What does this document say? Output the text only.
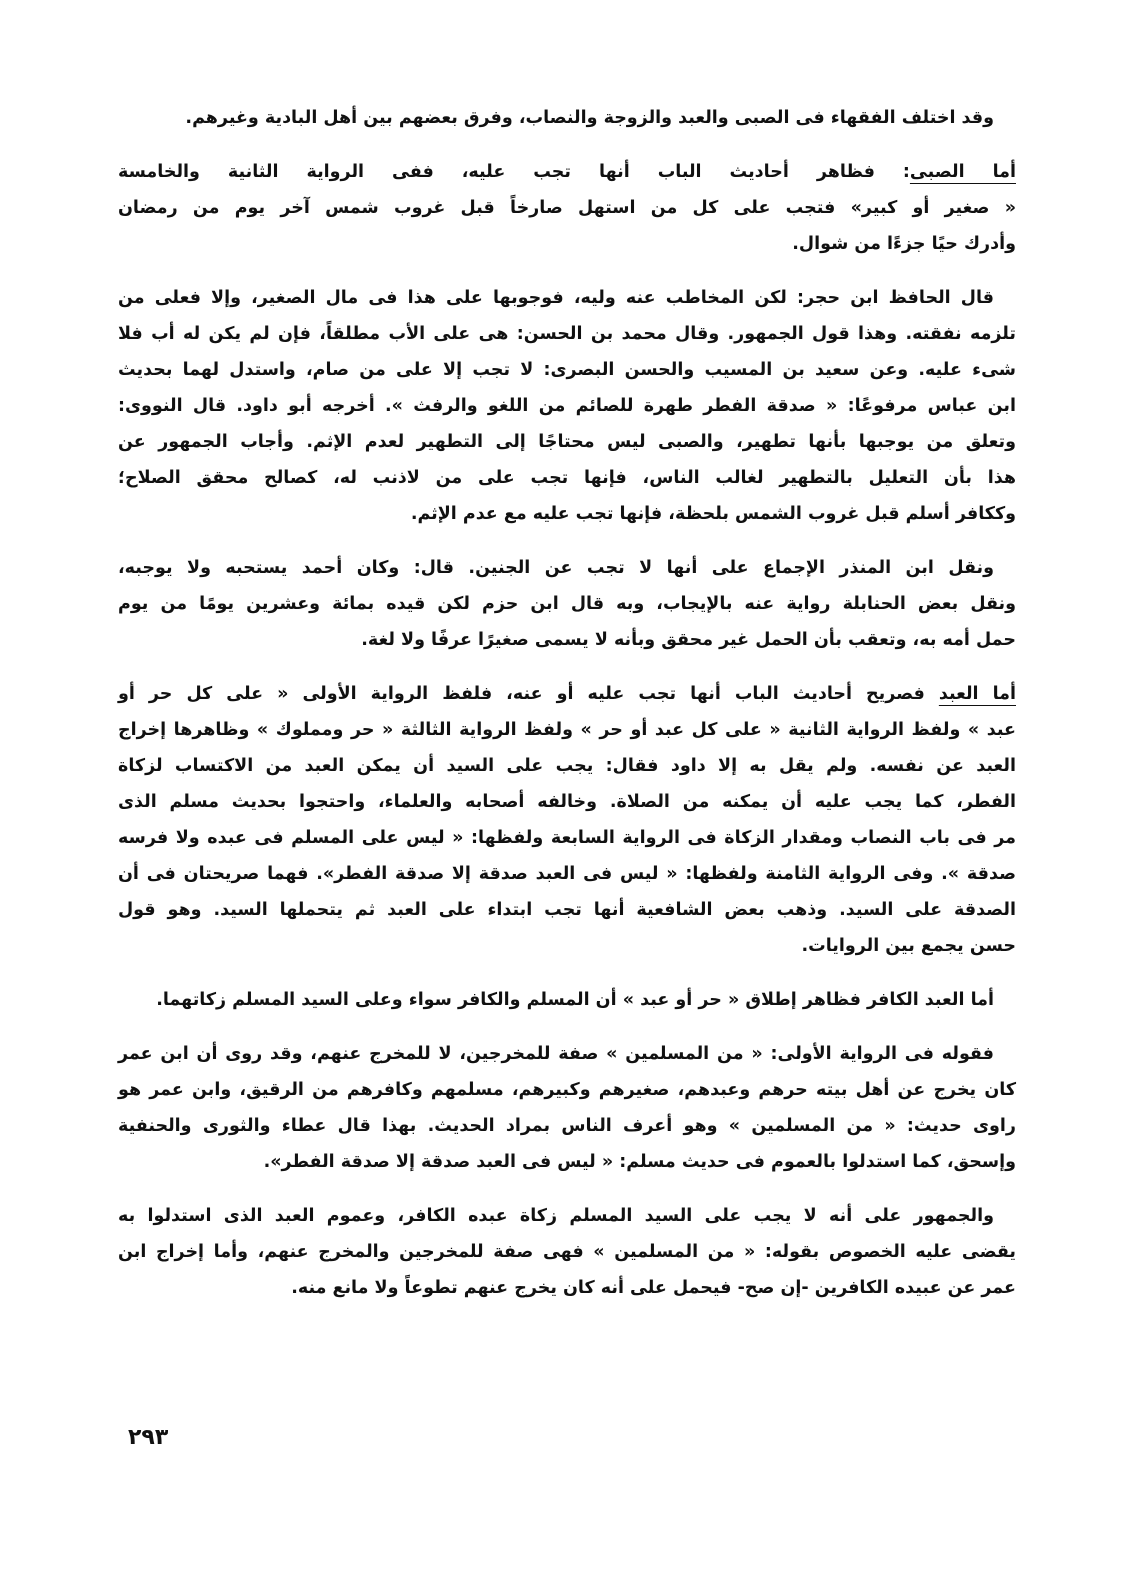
وقد اختلف الفقهاء فى الصبى والعبد والزوجة والنصاب، وفرق بعضهم بين أهل البادية وغيرهم.
أما الصبى: فظاهر أحاديث الباب أنها تجب عليه، ففى الرواية الثانية والخامسة
« صغير أو كبير» فتجب على كل من استهل صارخاً قبل غروب شمس آخر يوم من رمضان
وأدرك حيًا جزءًا من شوال.
قال الحافظ ابن حجر: لكن المخاطب عنه وليه، فوجوبها على هذا فى مال الصغير، وإلا فعلى من
تلزمه نفقته. وهذا قول الجمهور. وقال محمد بن الحسن: هى على الأب مطلقاً، فإن لم يكن له أب فلا
شىء عليه. وعن سعيد بن المسيب والحسن البصرى: لا تجب إلا على من صام، واستدل لهما بحديث
ابن عباس مرفوعًا: « صدقة الفطر طهرة للصائم من اللغو والرفث ». أخرجه أبو داود. قال النووى:
وتعلق من يوجبها بأنها تطهير، والصبى ليس محتاجًا إلى التطهير لعدم الإثم. وأجاب الجمهور عن
هذا بأن التعليل بالتطهير لغالب الناس، فإنها تجب على من لاذنب له، كصالح محقق الصلاح؛
وككافر أسلم قبل غروب الشمس بلحظة، فإنها تجب عليه مع عدم الإثم.
ونقل ابن المنذر الإجماع على أنها لا تجب عن الجنين. قال: وكان أحمد يستحبه ولا يوجبه،
ونقل بعض الحنابلة رواية عنه بالإيجاب، وبه قال ابن حزم لكن قيده بمائة وعشرين يومًا من يوم
حمل أمه به، وتعقب بأن الحمل غير محقق وبأنه لا يسمى صغيرًا عرفًا ولا لغة.
أما العبد فصريح أحاديث الباب أنها تجب عليه أو عنه، فلفظ الرواية الأولى « على كل حر أو
عبد » ولفظ الرواية الثانية « على كل عبد أو حر » ولفظ الرواية الثالثة « حر ومملوك » وظاهرها إخراج
العبد عن نفسه. ولم يقل به إلا داود فقال: يجب على السيد أن يمكن العبد من الاكتساب لزكاة
الفطر، كما يجب عليه أن يمكنه من الصلاة. وخالفه أصحابه والعلماء، واحتجوا بحديث مسلم الذى
مر فى باب النصاب ومقدار الزكاة فى الرواية السابعة ولفظها: « ليس على المسلم فى عبده ولا فرسه
صدقة ». وفى الرواية الثامنة ولفظها: « ليس فى العبد صدقة إلا صدقة الفطر». فهما صريحتان فى أن
الصدقة على السيد. وذهب بعض الشافعية أنها تجب ابتداء على العبد ثم يتحملها السيد. وهو قول
حسن يجمع بين الروايات.
أما العبد الكافر فظاهر إطلاق « حر أو عبد » أن المسلم والكافر سواء وعلى السيد المسلم زكاتهما.
فقوله فى الرواية الأولى: « من المسلمين » صفة للمخرجين، لا للمخرج عنهم، وقد روى أن ابن عمر
كان يخرج عن أهل بيته حرهم وعبدهم، صغيرهم وكبيرهم، مسلمهم وكافرهم من الرقيق، وابن عمر هو
راوى حديث: « من المسلمين » وهو أعرف الناس بمراد الحديث. بهذا قال عطاء والثورى والحنفية
وإسحق، كما استدلوا بالعموم فى حديث مسلم: « ليس فى العبد صدقة إلا صدقة الفطر».
والجمهور على أنه لا يجب على السيد المسلم زكاة عبده الكافر، وعموم العبد الذى استدلوا به
يقضى عليه الخصوص بقوله: « من المسلمين » فهى صفة للمخرجين والمخرج عنهم، وأما إخراج ابن
عمر عن عبيده الكافرين -إن صح- فيحمل على أنه كان يخرج عنهم تطوعاً ولا مانع منه.
٢٩٣
